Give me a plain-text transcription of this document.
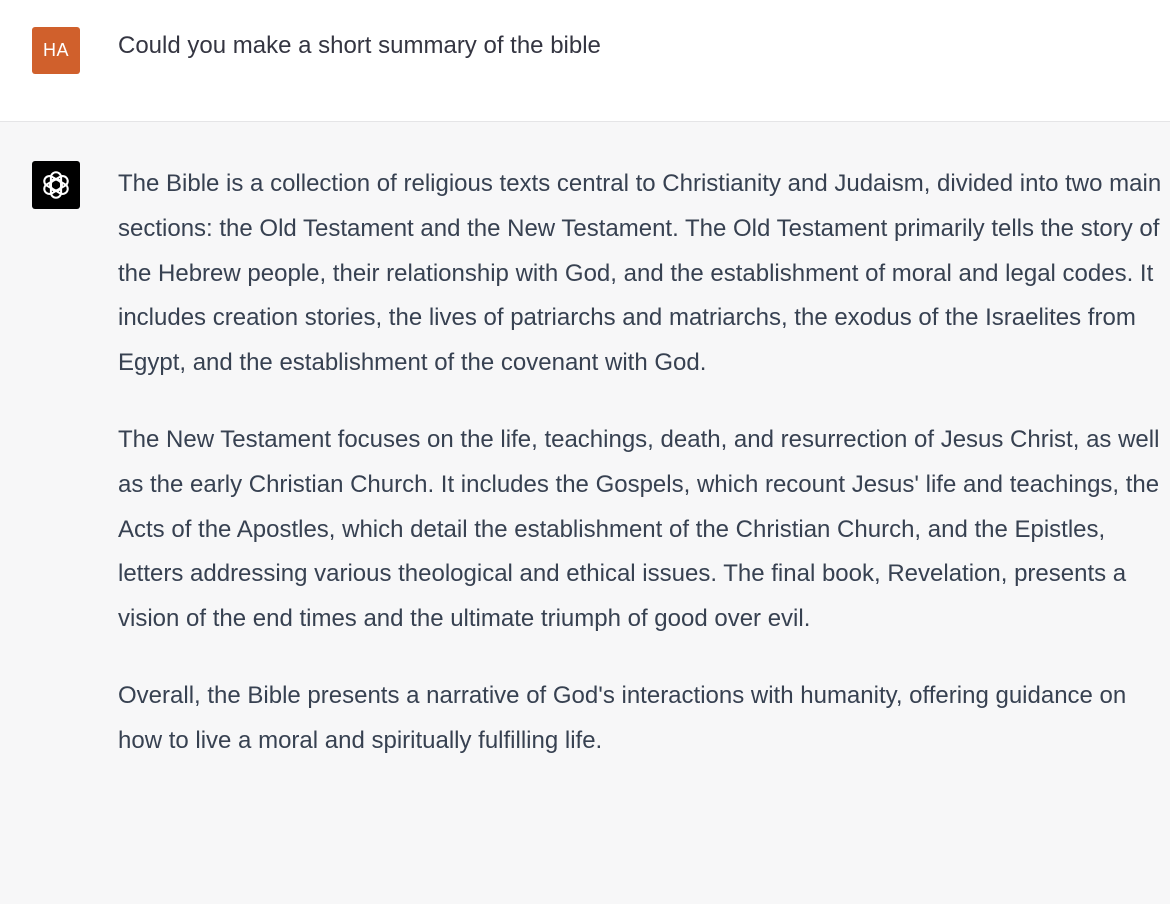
HA Could you make a short summary of the bible

The Bible is a collection of religious texts central to Christianity and Judaism, divided into two main sections: the Old Testament and the New Testament. The Old Testament primarily tells the story of the Hebrew people, their relationship with God, and the establishment of moral and legal codes. It includes creation stories, the lives of patriarchs and matriarchs, the exodus of the Israelites from Egypt, and the establishment of the covenant with God.

The New Testament focuses on the life, teachings, death, and resurrection of Jesus Christ, as well as the early Christian Church. It includes the Gospels, which recount Jesus' life and teachings, the Acts of the Apostles, which detail the establishment of the Christian Church, and the Epistles, letters addressing various theological and ethical issues. The final book, Revelation, presents a vision of the end times and the ultimate triumph of good over evil.

Overall, the Bible presents a narrative of God's interactions with humanity, offering guidance on how to live a moral and spiritually fulfilling life.
